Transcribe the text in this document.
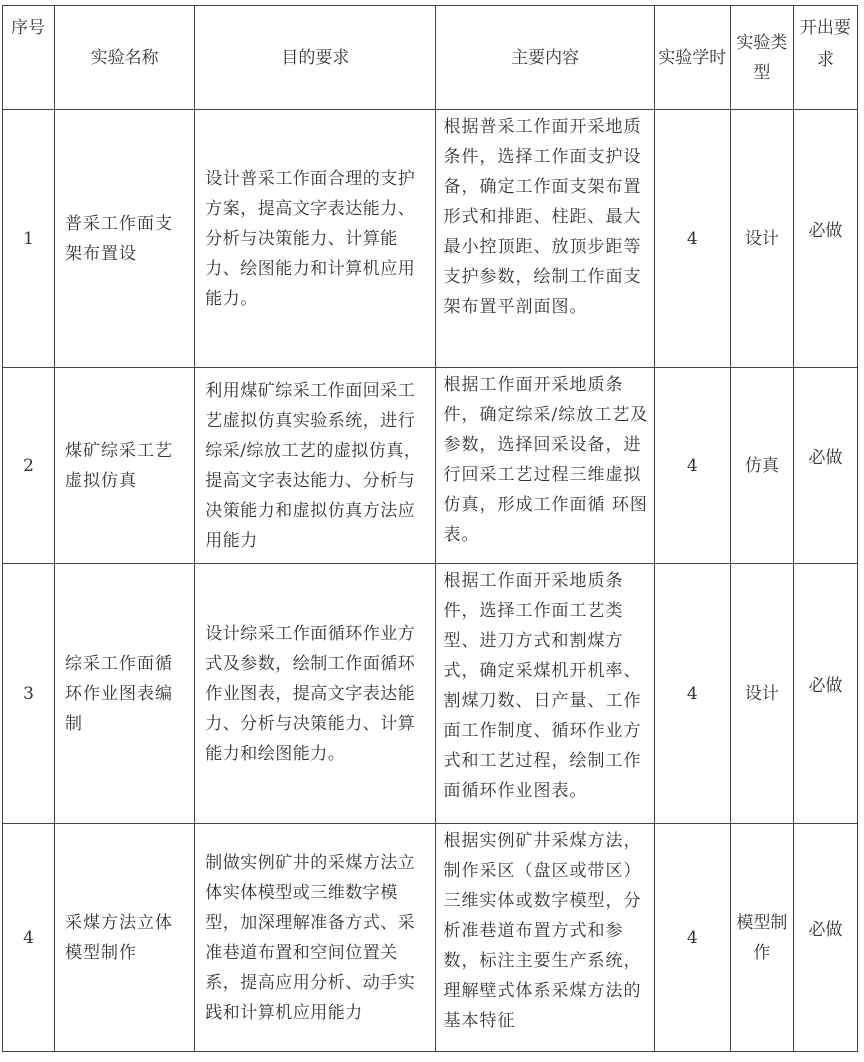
序号	实验名称	目的要求	主要内容	实验学时	实验类型	开出要求
1	普采工作面支架布置设	设计普采工作面合理的支护方案，提高文字表达能力、分析与决策能力、计算能力、绘图能力和计算机应用能力。	根据普采工作面开采地质条件，选择工作面支护设备，确定工作面支架布置形式和排距、柱距、最大最小控顶距、放顶步距等支护参数，绘制工作面支架布置平剖面图。	4	设计	必做
2	煤矿综采工艺虚拟仿真	利用煤矿综采工作面回采工艺虚拟仿真实验系统，进行综采/综放工艺的虚拟仿真，提高文字表达能力、分析与决策能力和虚拟仿真方法应用能力	根据工作面开采地质条件，确定综采/综放工艺及参数，选择回采设备，进行回采工艺过程三维虚拟仿真，形成工作面循 环图表。	4	仿真	必做
3	综采工作面循环作业图表编制	设计综采工作面循环作业方式及参数，绘制工作面循环作业图表，提高文字表达能力、分析与决策能力、计算能力和绘图能力。	根据工作面开采地质条件，选择工作面工艺类型、进刀方式和割煤方式，确定采煤机开机率、割煤刀数、日产量、工作面工作制度、循环作业方式和工艺过程，绘制工作面循环作业图表。	4	设计	必做
4	采煤方法立体模型制作	制做实例矿井的采煤方法立体实体模型或三维数字模型，加深理解准备方式、采准巷道布置和空间位置关系，提高应用分析、动手实践和计算机应用能力	根据实例矿井采煤方法，制作采区（盘区或带区）三维实体或数字模型，分析准巷道布置方式和参数，标注主要生产系统，理解壁式体系采煤方法的基本特征	4	模型制作	必做
